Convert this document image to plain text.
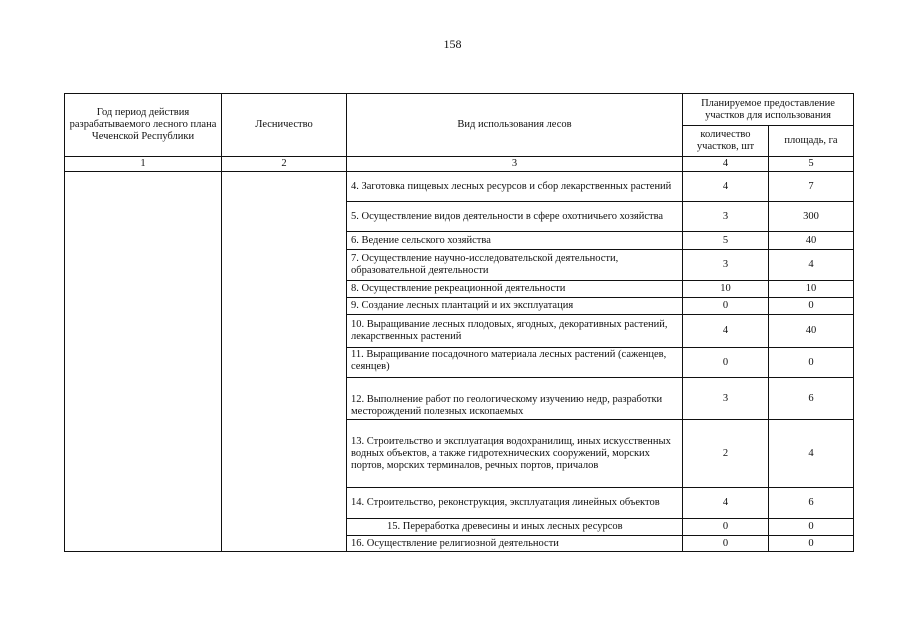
158
Год период действия разрабатываемого лесного плана Чеченской Республики	Лесничество	Вид использования лесов	Планируемое предоставление участков для использования	
			количество участков, шт	площадь, га
1	2	3	4	5
		4. Заготовка пищевых лесных ресурсов и сбор лекарственных растений	4	7
		5. Осуществление видов деятельности в сфере охотничьего хозяйства	3	300
		6. Ведение сельского хозяйства	5	40
		7. Осуществление научно-исследовательской деятельности, образовательной деятельности	3	4
		8. Осуществление рекреационной деятельности	10	10
		9. Создание лесных плантаций и их эксплуатация	0	0
		10. Выращивание лесных плодовых, ягодных, декоративных растений, лекарственных растений	4	40
		11. Выращивание посадочного материала лесных растений (саженцев, сеянцев)	0	0
		12. Выполнение работ по геологическому изучению недр, разработки месторождений полезных ископаемых	3	6
		13. Строительство и эксплуатация водохранилищ, иных искусственных водных объектов, а также гидротехнических сооружений, морских портов, морских терминалов, речных портов, причалов	2	4
		14. Строительство, реконструкция, эксплуатация линейных объектов	4	6
		15. Переработка древесины и иных лесных ресурсов	0	0
		16. Осуществление религиозной деятельности	0	0
